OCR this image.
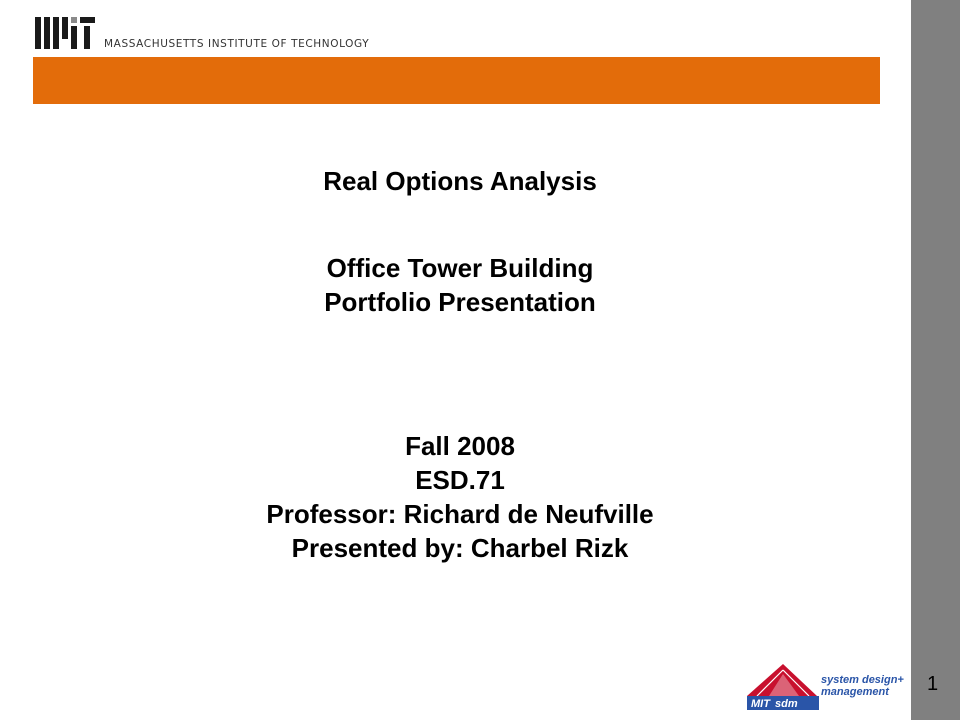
MASSACHUSETTS INSTITUTE OF TECHNOLOGY
Real Options Analysis
Office Tower Building
Portfolio Presentation
Fall 2008
ESD.71
Professor: Richard de Neufville
Presented by: Charbel Rizk
MIT sdm
system design+
management	1
